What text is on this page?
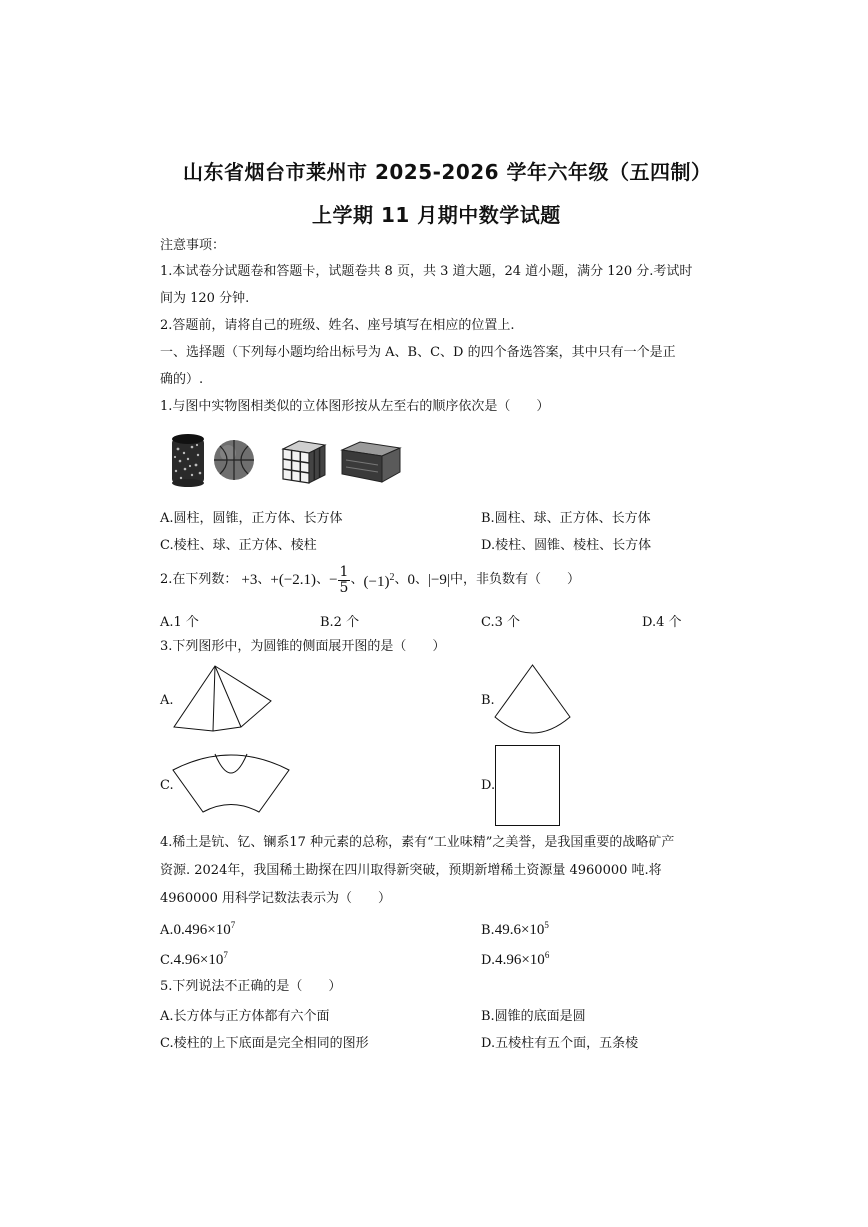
山东省烟台市莱州市 2025-2026 学年六年级（五四制）
上学期 11 月期中数学试题
注意事项：
1.本试卷分试题卷和答题卡，试题卷共 8 页，共 3 道大题，24 道小题，满分 120 分.考试时
间为 120 分钟.
2.答题前，请将自己的班级、姓名、座号填写在相应的位置上.
一、选择题（下列每小题均给出标号为 A、B、C、D 的四个备选答案，其中只有一个是正
确的）.
1.与图中实物图相类似的立体图形按从左至右的顺序依次是（　　）
A.圆柱，圆锥，正方体、长方体	B.圆柱、球、正方体、长方体
C.棱柱、球、正方体、棱柱	D.棱柱、圆锥、棱柱、长方体
2.在下列数： +3 、 +(−2.1) 、 − $\frac{1}{5}$ 、 $(-1)^2$ 、 0 、 |−9| 中，非负数有（　　）
A.1 个	B.2 个	C.3 个	D.4 个
3.下列图形中，为圆锥的侧面展开图的是（　　）
A.	B.
C.	D.
4.稀土是钪、钇、镧系17 种元素的总称，素有“工业味精”之美誉，是我国重要的战略矿产
资源. 2024年，我国稀土勘探在四川取得新突破，预期新增稀土资源量 4960000 吨.将
4960000 用科学记数法表示为（　　）
$A.0.496\times 10^7$	$B.49.6\times 10^5$
$C.4.96\times 10^7$	$D.4.96\times 10^6$
5.下列说法不正确的是（　　）
A.长方体与正方体都有六个面	B.圆锥的底面是圆
C.棱柱的上下底面是完全相同的图形	D.五棱柱有五个面，五条棱
